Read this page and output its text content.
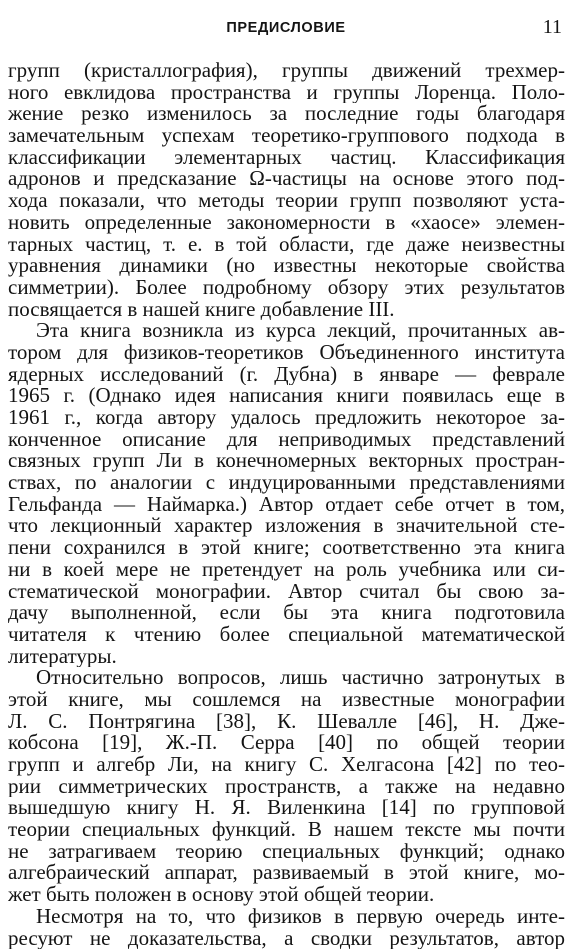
ПРЕДИСЛОВИЕ	11
групп (кристаллография), группы движений трехмер-
ного евклидова пространства и группы Лоренца. Поло-
жение резко изменилось за последние годы благодаря
замечательным успехам теоретико-группового подхода в
классификации элементарных частиц. Классификация
адронов и предсказание Ω-частицы на основе этого под-
хода показали, что методы теории групп позволяют уста-
новить определенные закономерности в «хаосе» элемен-
тарных частиц, т. е. в той области, где даже неизвестны
уравнения динамики (но известны некоторые свойства
симметрии). Более подробному обзору этих результатов
посвящается в нашей книге добавление III.
Эта книга возникла из курса лекций, прочитанных ав-
тором для физиков-теоретиков Объединенного института
ядерных исследований (г. Дубна) в январе — феврале
1965 г. (Однако идея написания книги появилась еще в
1961 г., когда автору удалось предложить некоторое за-
конченное описание для неприводимых представлений
связных групп Ли в конечномерных векторных простран-
ствах, по аналогии с индуцированными представлениями
Гельфанда — Наймарка.) Автор отдает себе отчет в том,
что лекционный характер изложения в значительной сте-
пени сохранился в этой книге; соответственно эта книга
ни в коей мере не претендует на роль учебника или си-
стематической монографии. Автор считал бы свою за-
дачу выполненной, если бы эта книга подготовила
читателя к чтению более специальной математической
литературы.
Относительно вопросов, лишь частично затронутых в
этой книге, мы сошлемся на известные монографии
Л. С. Понтрягина [38], К. Шевалле [46], Н. Дже-
кобсона [19], Ж.-П. Серра [40] по общей теории
групп и алгебр Ли, на книгу С. Хелгасона [42] по тео-
рии симметрических пространств, а также на недавно
вышедшую книгу Н. Я. Виленкина [14] по групповой
теории специальных функций. В нашем тексте мы почти
не затрагиваем теорию специальных функций; однако
алгебраический аппарат, развиваемый в этой книге, мо-
жет быть положен в основу этой общей теории.
Несмотря на то, что физиков в первую очередь инте-
ресуют не доказательства, а сводки результатов, автор
